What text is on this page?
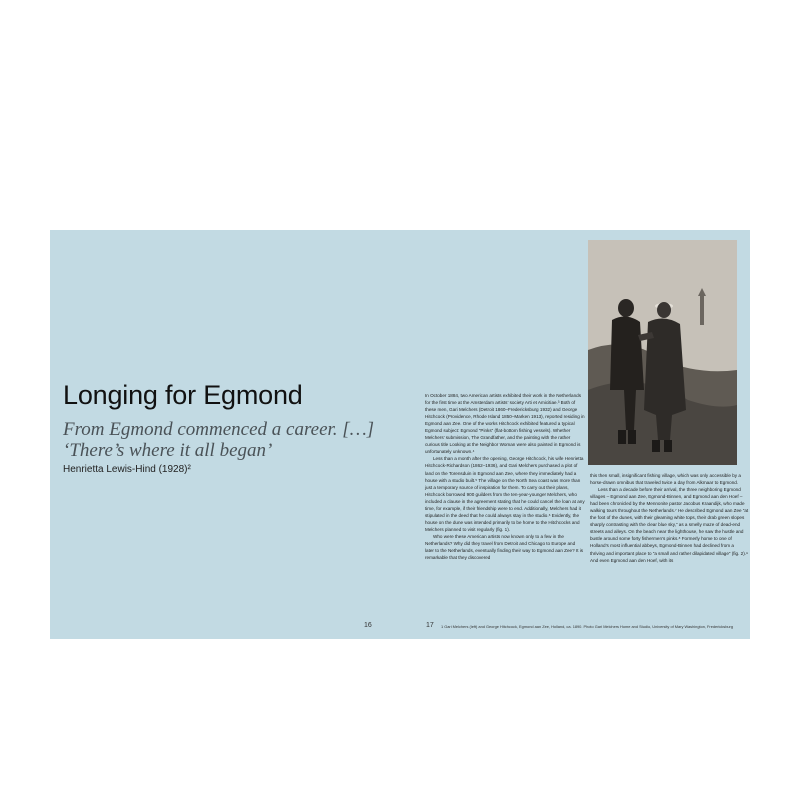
Longing for Egmond

From Egmond commenced a career. […] ‘There’s where it all began’

Henrietta Lewis-Hind (1928)²

16

In October 1884, two American artists exhibited their work in the Netherlands for the first time at the Amsterdam artists’ society Arti et Amicitiae.³ Both of these men, Gari Melchers (Detroit 1860–Fredericksburg 1932) and George Hitchcock (Providence, Rhode Island 1850–Marken 1913), reported residing in Egmond aan Zee. One of the works Hitchcock exhibited featured a typical Egmond subject: Egmond “Pinks” (flat-bottom fishing vessels). Whether Melchers’ submission, The Grandfather, and the painting with the rather curious title Looking at the Neighbor Woman were also painted in Egmond is unfortunately unknown.⁴

Less than a month after the opening, George Hitchcock, his wife Henrietta Hitchcock-Richardson (1862–1936), and Gari Melchers purchased a plot of land on the Torensduin in Egmond aan Zee, where they immediately had a house with a studio built.⁵ The village on the North Sea coast was more than just a temporary source of inspiration for them. To carry out their plans, Hitchcock borrowed 900 guilders from the ten-year-younger Melchers, who included a clause in the agreement stating that he could cancel the loan at any time, for example, if their friendship were to end. Additionally, Melchers had it stipulated in the deed that he could always stay in the studio.⁶ Evidently, the house on the dune was intended primarily to be home to the Hitchcocks and Melchers planned to visit regularly (fig. 1).

Who were these American artists now known only to a few in the Netherlands? Why did they travel from Detroit and Chicago to Europe and later to the Netherlands, eventually finding their way to Egmond aan Zee? It is remarkable that they discovered

this then small, insignificant fishing village, which was only accessible by a horse-drawn omnibus that traveled twice a day from Alkmaar to Egmond.

Less than a decade before their arrival, the three neighboring Egmond villages – Egmond aan Zee, Egmond-Binnen, and Egmond aan den Hoef – had been chronicled by the Mennonite pastor Jacobus Kraandijk, who made walking tours throughout the Netherlands.⁷ He described Egmond aan Zee “at the foot of the dunes, with their gleaming white tops, their drab green slopes sharply contrasting with the clear blue sky,” as a smelly maze of dead-end streets and alleys. On the beach near the lighthouse, he saw the hustle and bustle around some forty fishermen’s pinks.⁸ Formerly home to one of Holland’s most influential abbeys, Egmond-Binnen had declined from a thriving and important place to “a small and rather dilapidated village” (fig. 2).⁹ And even Egmond aan den Hoef, with its

17 1 Gari Melchers (left) and George Hitchcock, Egmond aan Zee, Holland, ca. 1890. Photo Gari Melchers Home and Studio, University of Mary Washington, Fredericksburg
